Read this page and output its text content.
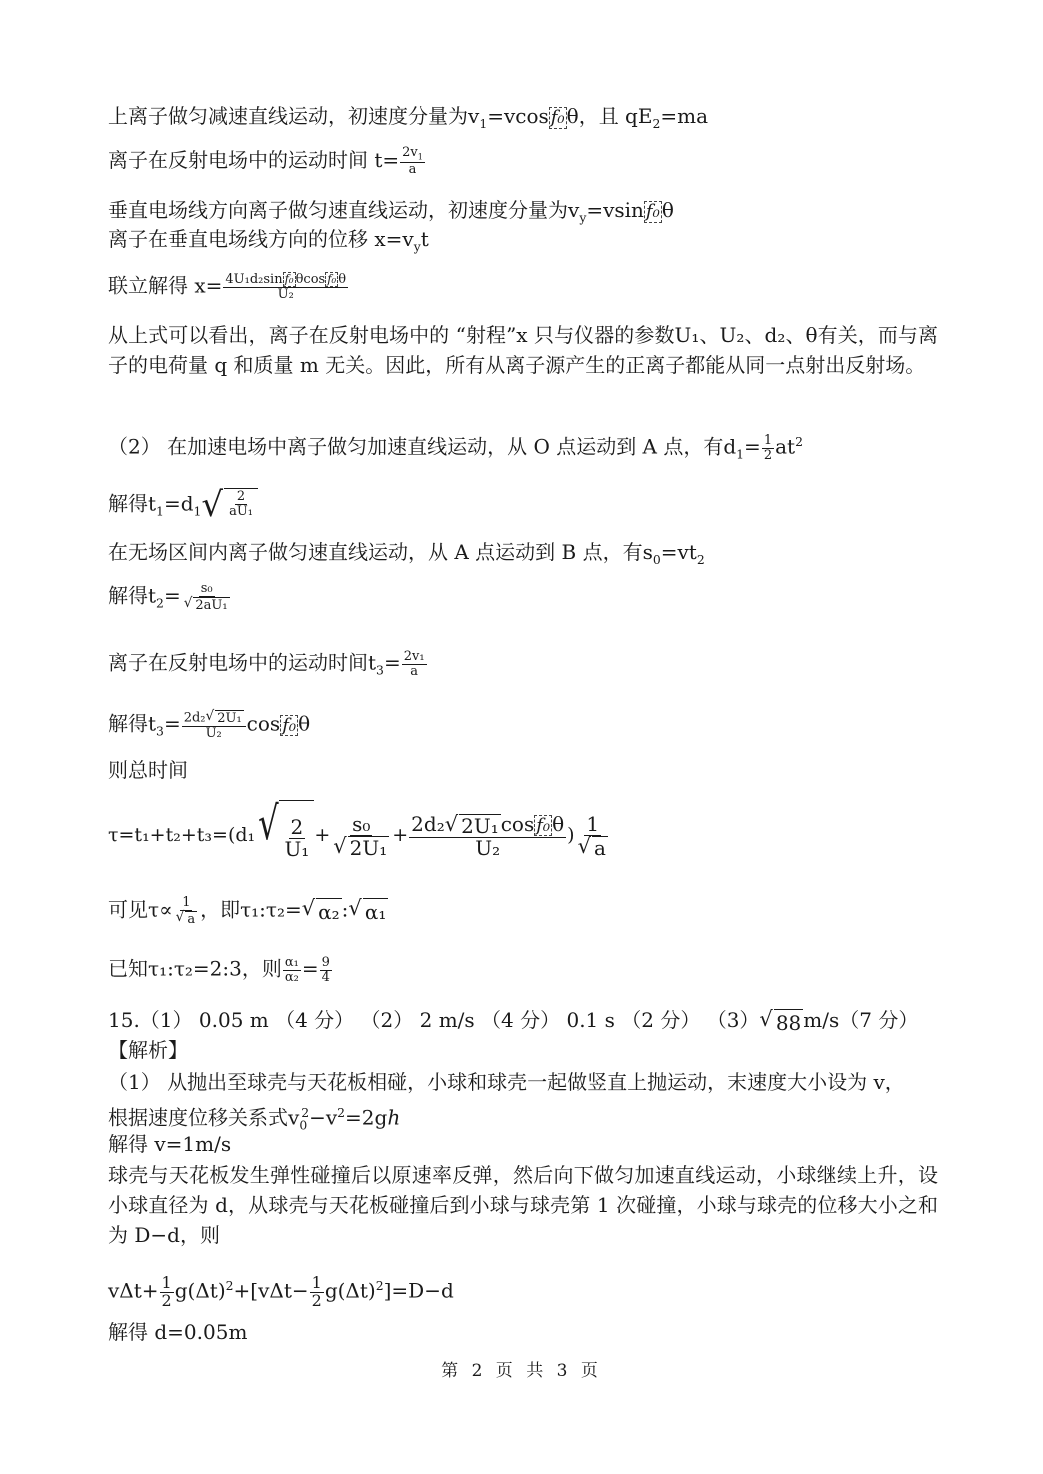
上离子做匀减速直线运动，初速度分量为$v_1=vcos$ f₀ θ，且 $qE_2=ma$
离子在反射电场中的运动时间 $t= \frac{2v_1}{a}$
垂直电场线方向离子做匀速直线运动，初速度分量为$v_y=vsin$ f₀ θ
离子在垂直电场线方向的位移 $x=v_yt$
联立解得 $x= \frac{\text{4U₁d₂sin f₀ θcos f₀ θ}}{\text{U₂}}$
从上式可以看出，离子在反射电场中的 “射程”x 只与仪器的参数U₁、U₂、d₂、θ有关，而与离子的电荷量 q 和质量 m 无关。因此，所有从离子源产生的正离子都能从同一点射出反射场。
（2） 在加速电场中离子做匀加速直线运动，从 O 点运动到 A 点，有$d_1= \frac{1}{2} at^2$
解得$t_1=d_1$ √ $\frac{2}{\text{aU₁}}$
在无场区间内离子做匀速直线运动，从 A 点运动到 B 点，有$s_0=vt_2$
解得$t_2= \frac{\text{s₀}}{\text{√ 2aU₁}}$
离子在反射电场中的运动时间$t_3= \frac{\text{2v₁}}{a}$
解得$t_3= \frac{\text{2d₂ √ 2U₁}}{\text{U₂}}$ cos f₀ θ
则总时间
τ=t₁+t₂+t₃=(d₁ √ $\frac{2}{\text{U₁}} + \frac{\text{s₀}}{\text{√ 2U₁}} + \frac{\text{2d₂ √ 2U₁ cos f₀ θ}}{\text{U₂}}$ ) $\frac{1}{√ a}$
可见$\tau\propto \frac{1}{√ a}$ ，即τ₁:τ₂= √ α₂ : √ α₁
已知τ₁:τ₂=2:3，则 $\frac{\text{α₁}}{\text{α₂}} = \frac{9}{4}$
15.（1） 0.05 m （4 分） （2） 2 m/s （4 分） 0.1 s （2 分） （3） √ 88 m/s（7 分）
【解析】
（1） 从抛出至球壳与天花板相碰，小球和球壳一起做竖直上抛运动，末速度大小设为 v，
根据速度位移关系式$v_0^2-v^2=2gℎ$
解得 v=1m/s
球壳与天花板发生弹性碰撞后以原速率反弹，然后向下做匀加速直线运动，小球继续上升，设小球直径为 d，从球壳与天花板碰撞后到小球与球壳第 1 次碰撞，小球与球壳的位移大小之和为 D−d，则
$v\Delta t+ \frac{1}{2} g(\Delta t)^2+[v\Delta t- \frac{1}{2} g(\Delta t)^2]=D-d$
解得 d=0.05m
第 2 页 共 3 页
